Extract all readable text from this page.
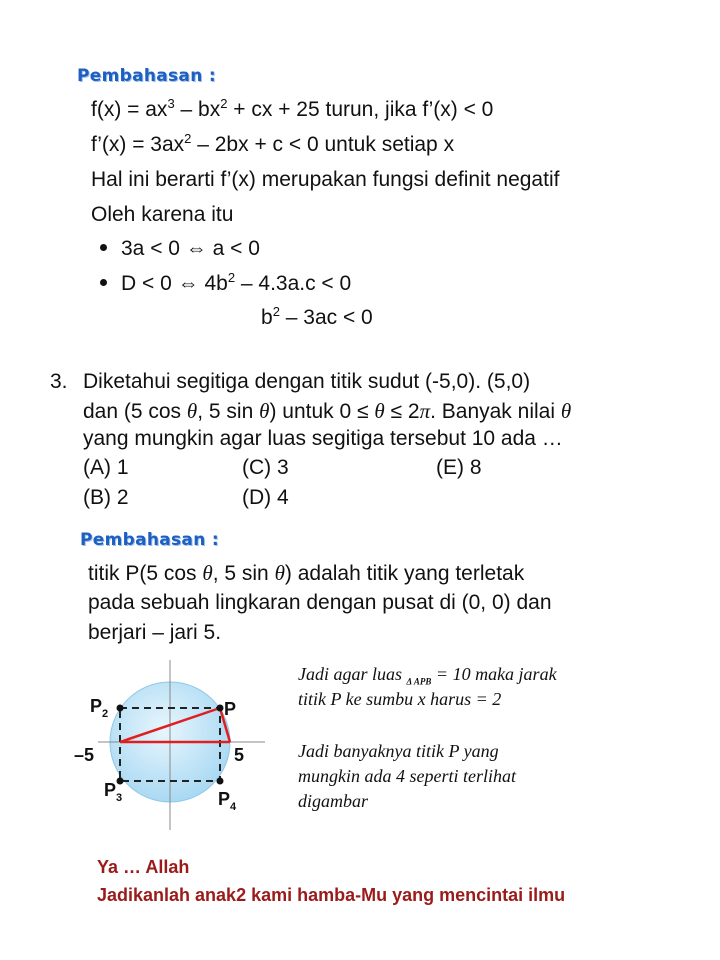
Pembahasan :
$f(x) = ax^3 - bx^2$ + cx + 25 turun, jika f’(x) < 0
f’(x) = $3ax^2 - 2bx + c < 0$ untuk setiap x
Hal ini berarti f’(x) merupakan fungsi definit negatif
Oleh karena itu
3a < 0 ⇔ a < 0
D < 0 ⇔ $4b^2 - 4.3a.c < 0$
$b^2 - 3ac < 0$
3. Diketahui segitiga dengan titik sudut (-5,0). (5,0)
dan (5 cos θ, 5 sin θ) untuk 0 ≤ θ ≤ 2π. Banyak nilai θ
yang mungkin agar luas segitiga tersebut 10 ada …
(A) 1
(B) 2
(C) 3
(D) 4
(E) 8
Pembahasan :
titik P(5 cos θ, 5 sin θ) adalah titik yang terletak
pada sebuah lingkaran dengan pusat di (0, 0) dan
berjari – jari 5.
P
$P_2$
$P_3$	$P_4$
–5	5
Jadi agar luas $_{\Delta APB}$ = 10 maka jarak
titik P ke sumbu x harus = 2
Jadi banyaknya titik P yang
mungkin ada 4 seperti terlihat
digambar
Ya … Allah
Jadikanlah anak2 kami hamba-Mu yang mencintai ilmu
